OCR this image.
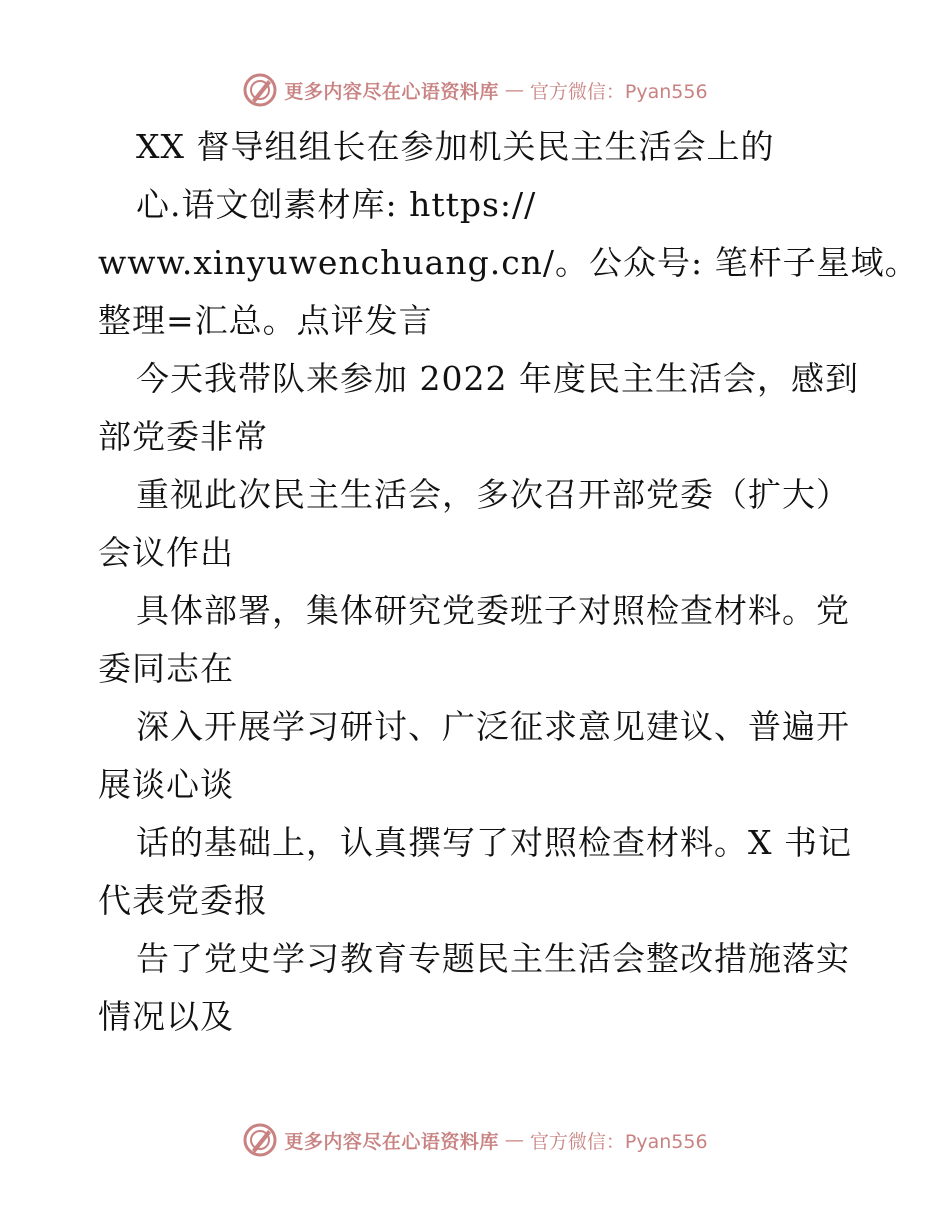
更多内容尽在心语资料库 — 官方微信：Pyan556
XX 督导组组长在参加机关民主生活会上的
心.语文创素材库: https://
www.xinyuwenchuang.cn/。公众号: 笔杆子星域。
整理=汇总。点评发言
今天我带队来参加 2022 年度民主生活会，感到
部党委非常
重视此次民主生活会，多次召开部党委（扩大）
会议作出
具体部署，集体研究党委班子对照检查材料。党
委同志在
深入开展学习研讨、广泛征求意见建议、普遍开
展谈心谈
话的基础上，认真撰写了对照检查材料。X 书记
代表党委报
告了党史学习教育专题民主生活会整改措施落实
情况以及
更多内容尽在心语资料库 — 官方微信：Pyan556
